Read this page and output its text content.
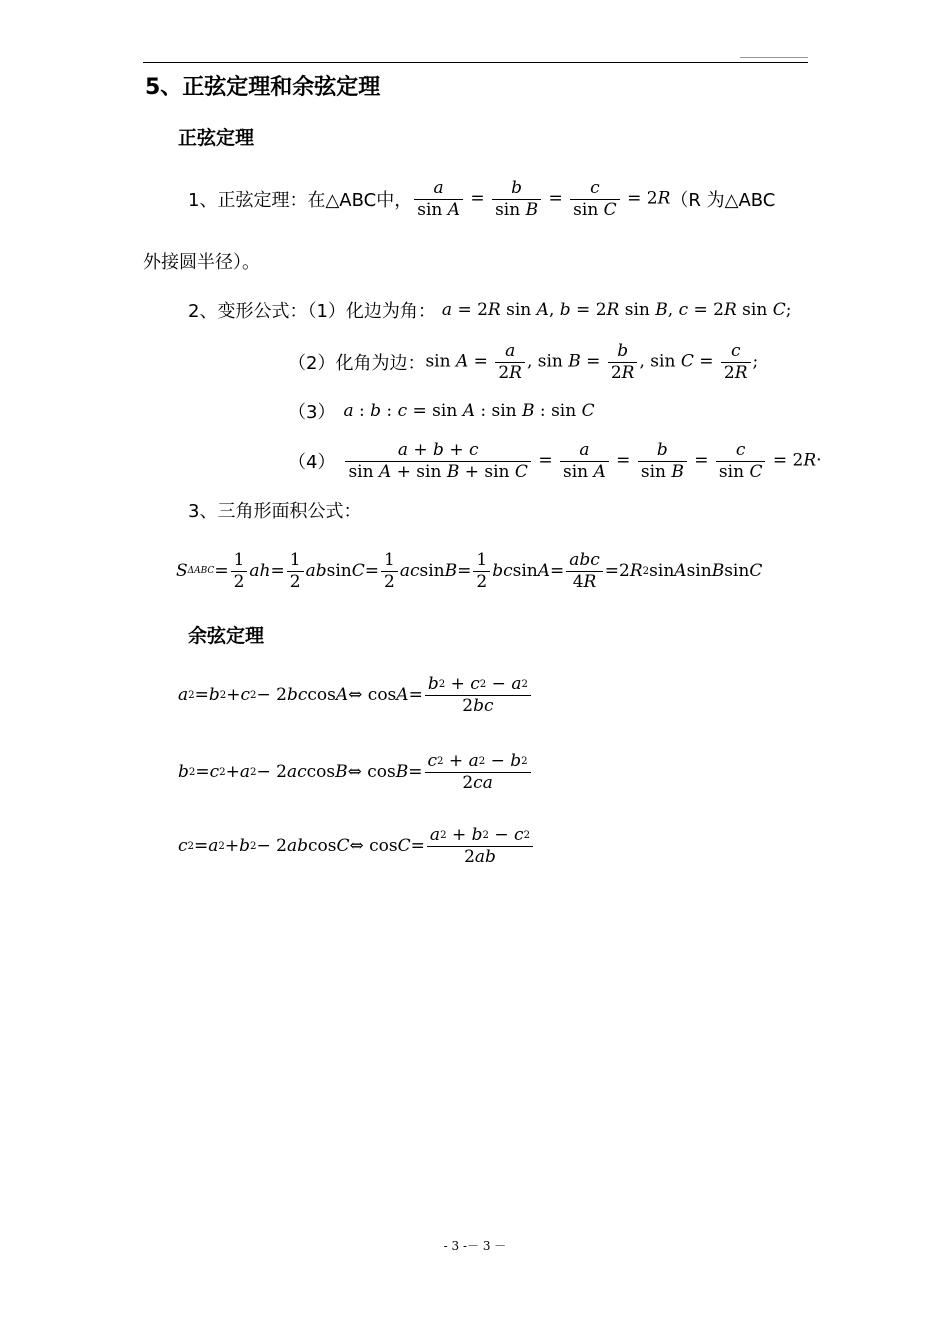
5、正弦定理和余弦定理
正弦定理
1、正弦定理：在△ABC中， $\frac{a}{\text{sin A}} = \frac{b}{\text{sin B}} = \frac{c}{\text{sin C}} = 2R$ （R 为△ABC
外接圆半径）。
2、变形公式：（1）化边为角： a = 2R sin A, b = 2R sin B, c = 2R sin C;
（2）化角为边： $\sin A = \frac{a}{2R}$ , $\sin B = \frac{b}{2R}$ , $\sin C = \frac{c}{2R}$ ;
（3） a : b : c = sin A : sin B : sin C
$(4) \frac{a + b + c}{\text{sin A + sin B + sin C}} = \frac{a}{\text{sin A}} = \frac{b}{\text{sin B}} = \frac{c}{\text{sin C}} = 2R\cdot$
3、三角形面积公式：
S $\Delta ABC = \frac{1}{2}$ ah = $\frac{1}{2}$ ab $\sin C = \frac{1}{2}$ ac $\sin B = \frac{1}{2}$ bc $\sin A = \frac{\text{abc}}{4R} =2$ R 2 sin A sin B sin C
余弦定理
a 2 = b 2 + c 2 − 2 bc cos A ⇔ $\cos A = \frac{b^2 + c^2 - a^2}{2bc}$
b 2 = c 2 + a 2 − 2 ac cos B ⇔ $\cos B = \frac{c^2 + a^2 - b^2}{2ca}$
c 2 = a 2 + b 2 − 2 ab cos C ⇔ $\cos C = \frac{a^2 + b^2 - c^2}{2ab}$
- 3 -－ 3 －
